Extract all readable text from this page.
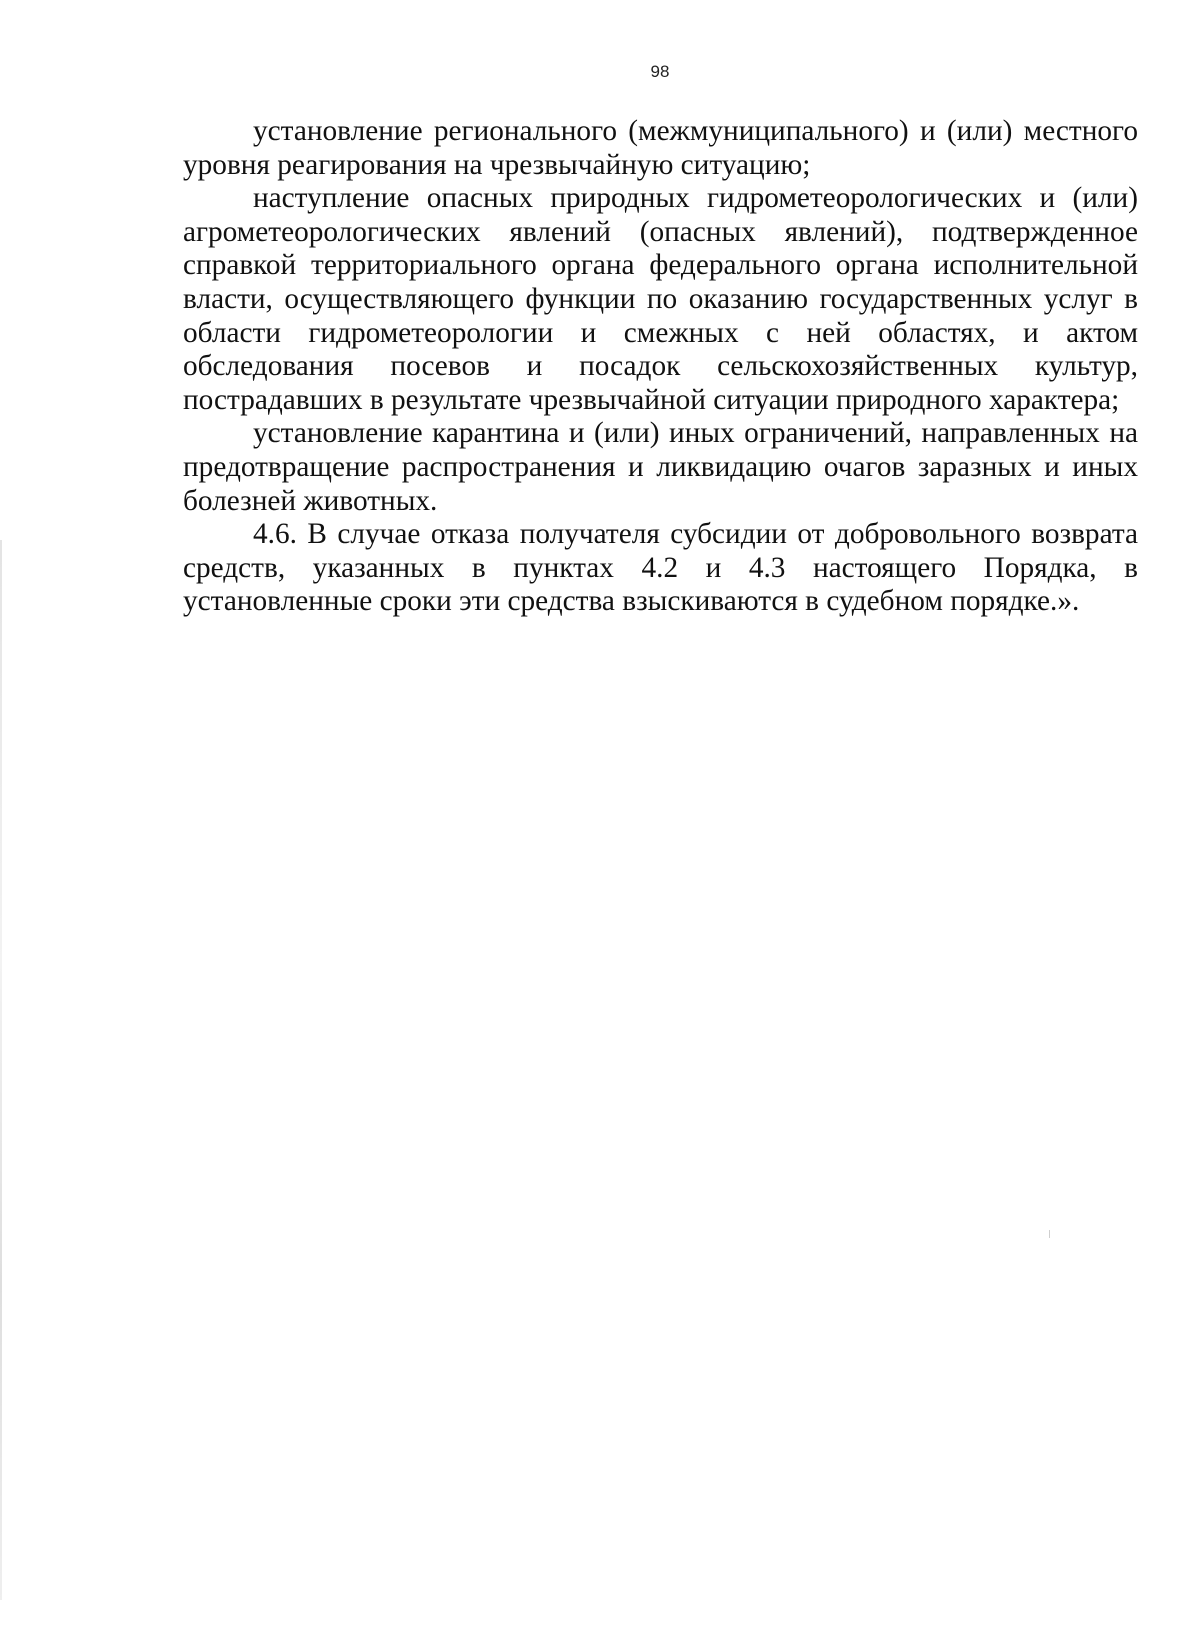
98

установление регионального (межмуниципального) и (или) местного уровня реагирования на чрезвычайную ситуацию;

наступление опасных природных гидрометеорологических и (или) агрометеорологических явлений (опасных явлений), подтвержденное справкой территориального органа федерального органа исполнительной власти, осуществляющего функции по оказанию государственных услуг в области гидрометеорологии и смежных с ней областях, и актом обследования посевов и посадок сельскохозяйственных культур, пострадавших в результате чрезвычайной ситуации природного характера;

установление карантина и (или) иных ограничений, направленных на предотвращение распространения и ликвидацию очагов заразных и иных болезней животных.

4.6. В случае отказа получателя субсидии от добровольного возврата средств, указанных в пунктах 4.2 и 4.3 настоящего Порядка, в установленные сроки эти средства взыскиваются в судебном порядке.».
